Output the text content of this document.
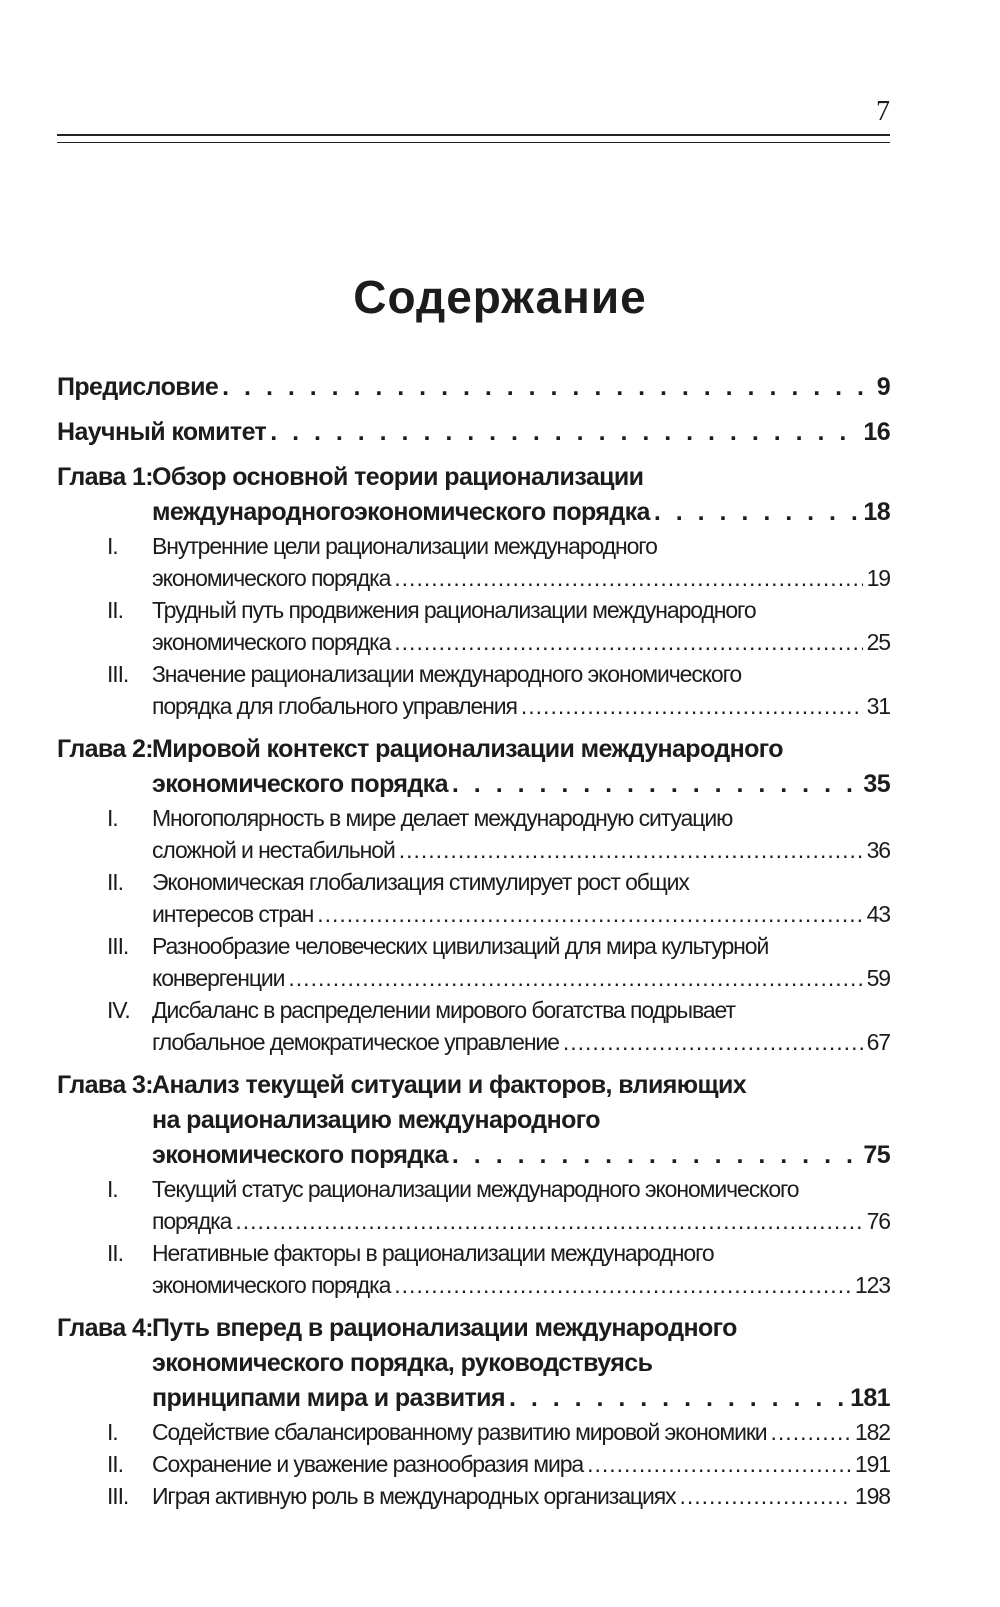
7
Содержание
Предисловие . . .	9
Научный комитет . . .	16
Глава 1:
Обзор основной теории рационализации
международногоэкономического порядка . . .	18
I.	Внутренние цели рационализации международного
экономического порядка .....	19
II.	Трудный путь продвижения рационализации международного
экономического порядка .....	25
III.	Значение рационализации международного экономического
порядка для глобального управления .....	31
Глава 2:
Мировой контекст рационализации международного
экономического порядка . . .	35
I.	Многополярность в мире делает международную ситуацию
сложной и нестабильной .....	36
II.	Экономическая глобализация стимулирует рост общих
интересов стран .....	43
III.	Разнообразие человеческих цивилизаций для мира культурной
конвергенции .....	59
IV. Дисбаланс в распределении мирового богатства подрывает
глобальное демократическое управление .....	67
Глава 3:
Анализ текущей ситуации и факторов, влияющих
на рационализацию международного
экономического порядка . . .	75
I.	Текущий статус рационализации международного экономического
порядка .....	76
II.	Негативные факторы в рационализации международного
экономического порядка .....	123
Глава 4:
Путь вперед в рационализации международного
экономического порядка, руководствуясь
принципами мира и развития . . .	181
I.	Содействие сбалансированному развитию мировой экономики .....	182
II.	Сохранение и уважение разнообразия мира .....	191
III.	Играя активную роль в международных организациях .....	198
